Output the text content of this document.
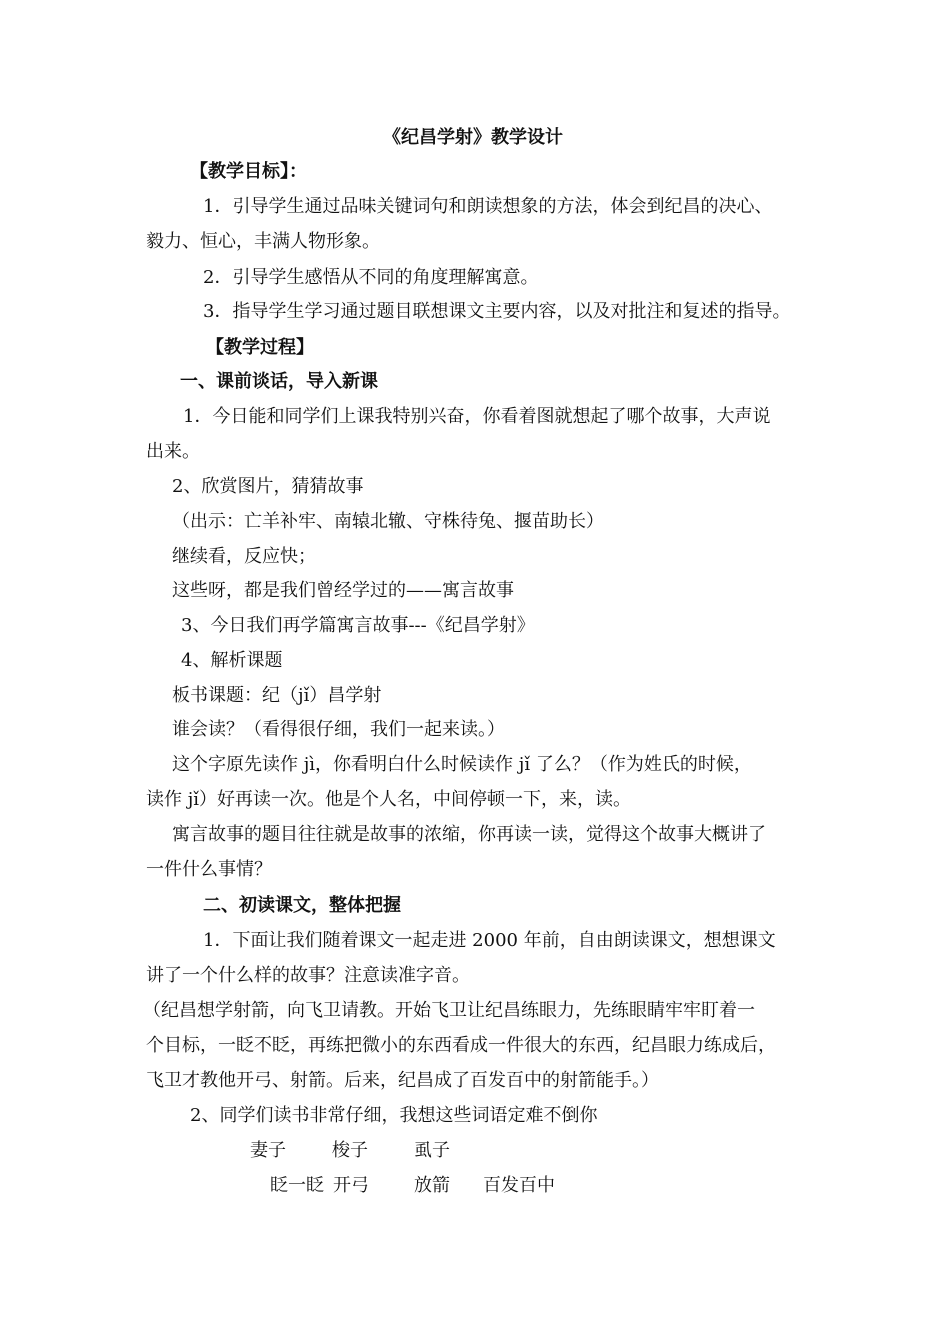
《纪昌学射》教学设计
【教学目标】：
1．引导学生通过品味关键词句和朗读想象的方法，体会到纪昌的决心、
毅力、恒心，丰满人物形象。
2．引导学生感悟从不同的角度理解寓意。
3．指导学生学习通过题目联想课文主要内容，以及对批注和复述的指导。
【教学过程】
一、课前谈话，导入新课
1．今日能和同学们上课我特别兴奋，你看着图就想起了哪个故事，大声说
出来。
2、欣赏图片，猜猜故事
（出示：亡羊补牢、南辕北辙、守株待兔、揠苗助长）
继续看，反应快；
这些呀，都是我们曾经学过的——寓言故事
3、今日我们再学篇寓言故事---《纪昌学射》
4、解析课题
板书课题：纪（jǐ）昌学射
谁会读？（看得很仔细，我们一起来读。）
这个字原先读作 jì，你看明白什么时候读作 jǐ 了么？（作为姓氏的时候，
读作 jǐ）好再读一次。他是个人名，中间停顿一下，来，读。
寓言故事的题目往往就是故事的浓缩，你再读一读，觉得这个故事大概讲了
一件什么事情？
二、初读课文，整体把握
1．下面让我们随着课文一起走进 2000 年前，自由朗读课文，想想课文
讲了一个什么样的故事？注意读准字音。
（纪昌想学射箭，向飞卫请教。开始飞卫让纪昌练眼力，先练眼睛牢牢盯着一
个目标，一眨不眨，再练把微小的东西看成一件很大的东西，纪昌眼力练成后，
飞卫才教他开弓、射箭。后来，纪昌成了百发百中的射箭能手。）
2、同学们读书非常仔细，我想这些词语定难不倒你
妻子	梭子	虱子
眨一眨 开弓	放箭 百发百中
